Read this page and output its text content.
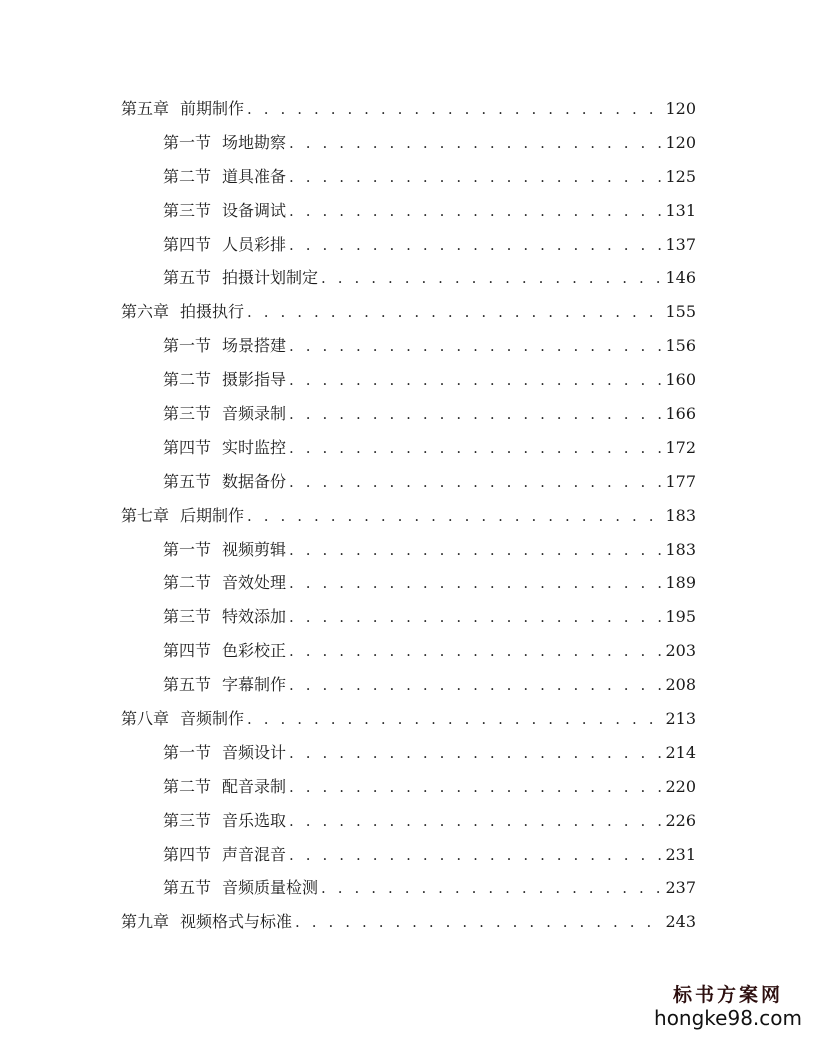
第五章 前期制作 . . .	120
第一节 场地勘察 . . .	120
第二节 道具准备 . . .	125
第三节 设备调试 . . .	131
第四节 人员彩排 . . .	137
第五节 拍摄计划制定 . . .	146
第六章 拍摄执行 . . .	155
第一节 场景搭建 . . .	156
第二节 摄影指导 . . .	160
第三节 音频录制 . . .	166
第四节 实时监控 . . .	172
第五节 数据备份 . . .	177
第七章 后期制作 . . .	183
第一节 视频剪辑 . . .	183
第二节 音效处理 . . .	189
第三节 特效添加 . . .	195
第四节 色彩校正 . . .	203
第五节 字幕制作 . . .	208
第八章 音频制作 . . .	213
第一节 音频设计 . . .	214
第二节 配音录制 . . .	220
第三节 音乐选取 . . .	226
第四节 声音混音 . . .	231
第五节 音频质量检测 . . .	237
第九章 视频格式与标准 . . .	243
标书方案网
hongke98.com
